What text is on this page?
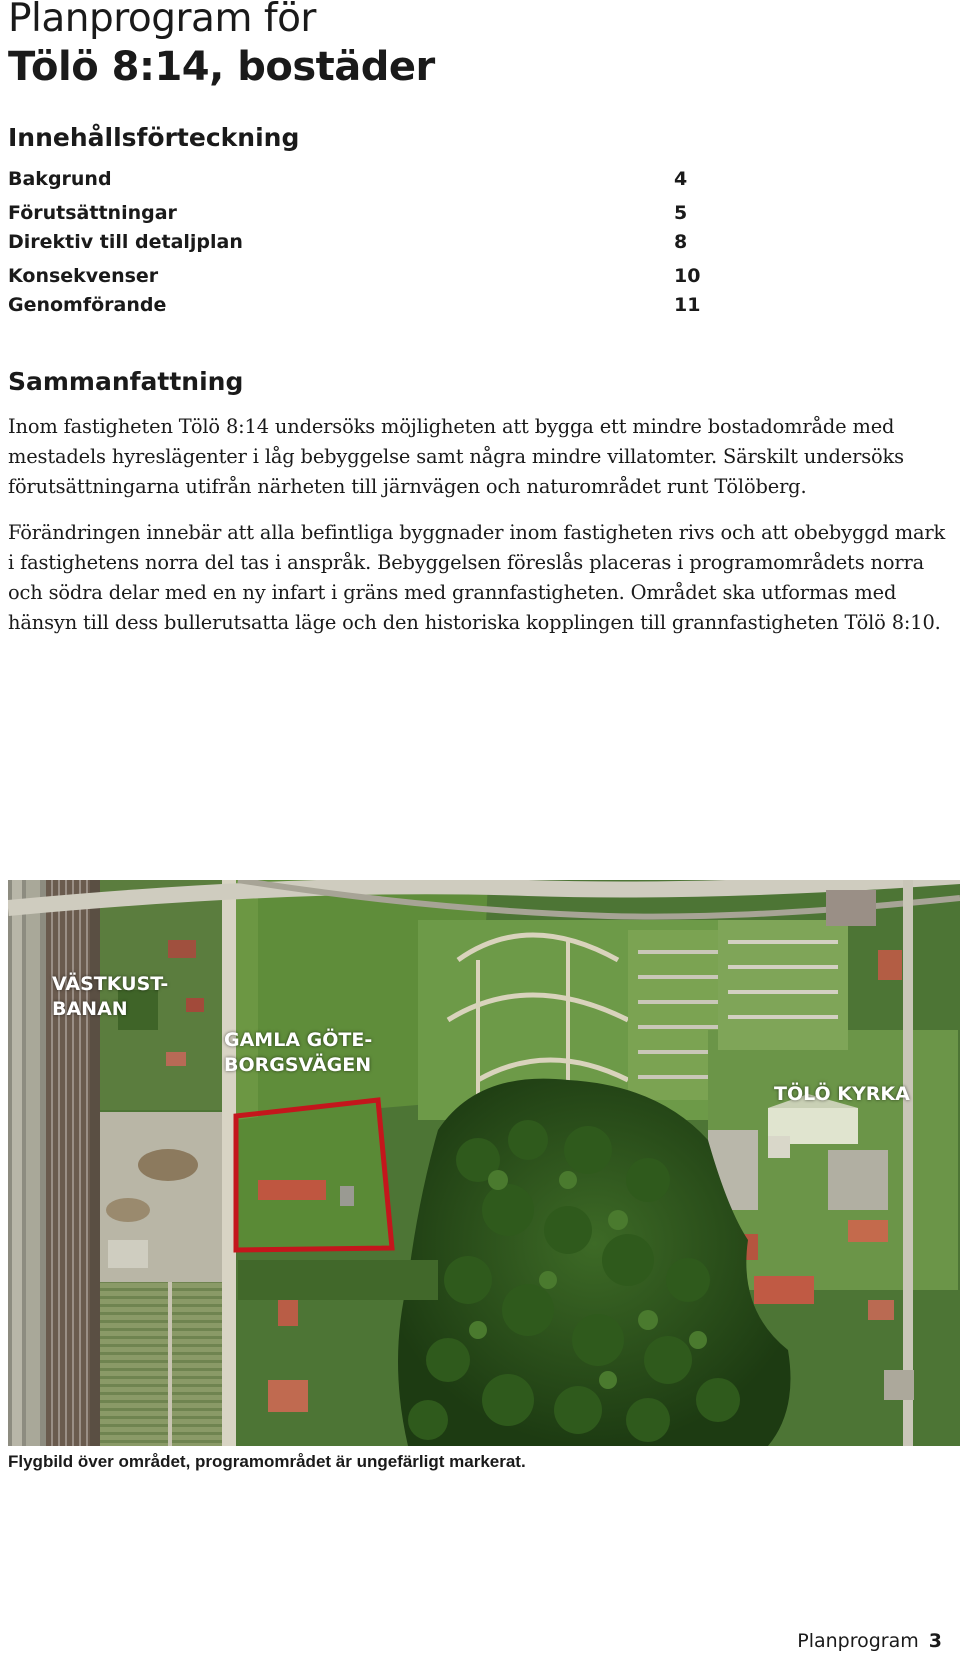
Planprogram för
Tölö 8:14, bostäder
Innehållsförteckning
Bakgrund	4
Förutsättningar	5
Direktiv till detaljplan	8
Konsekvenser	10
Genomförande	11
Sammanfattning

Inom fastigheten Tölö 8:14 undersöks möjligheten att bygga ett mindre bostadområde med mestadels hyreslägenter i låg bebyggelse samt några mindre villatomter. Särskilt undersöks förutsättningarna utifrån närheten till järnvägen och naturområdet runt Tölöberg.

Förändringen innebär att alla befintliga byggnader inom fastigheten rivs och att obebyggd mark i fastighetens norra del tas i anspråk. Bebyggelsen föreslås placeras i programområdets norra och södra delar med en ny infart i gräns med grannfastigheten. Området ska utformas med hänsyn till dess bullerutsatta läge och den historiska kopplingen till grannfastigheten Tölö 8:10.

VÄSTKUST-
BANAN
GAMLA GÖTE-
BORGSVÄGEN
TÖLÖ KYRKA

Flygbild över området, programområdet är ungefärligt markerat.

Planprogram 3
